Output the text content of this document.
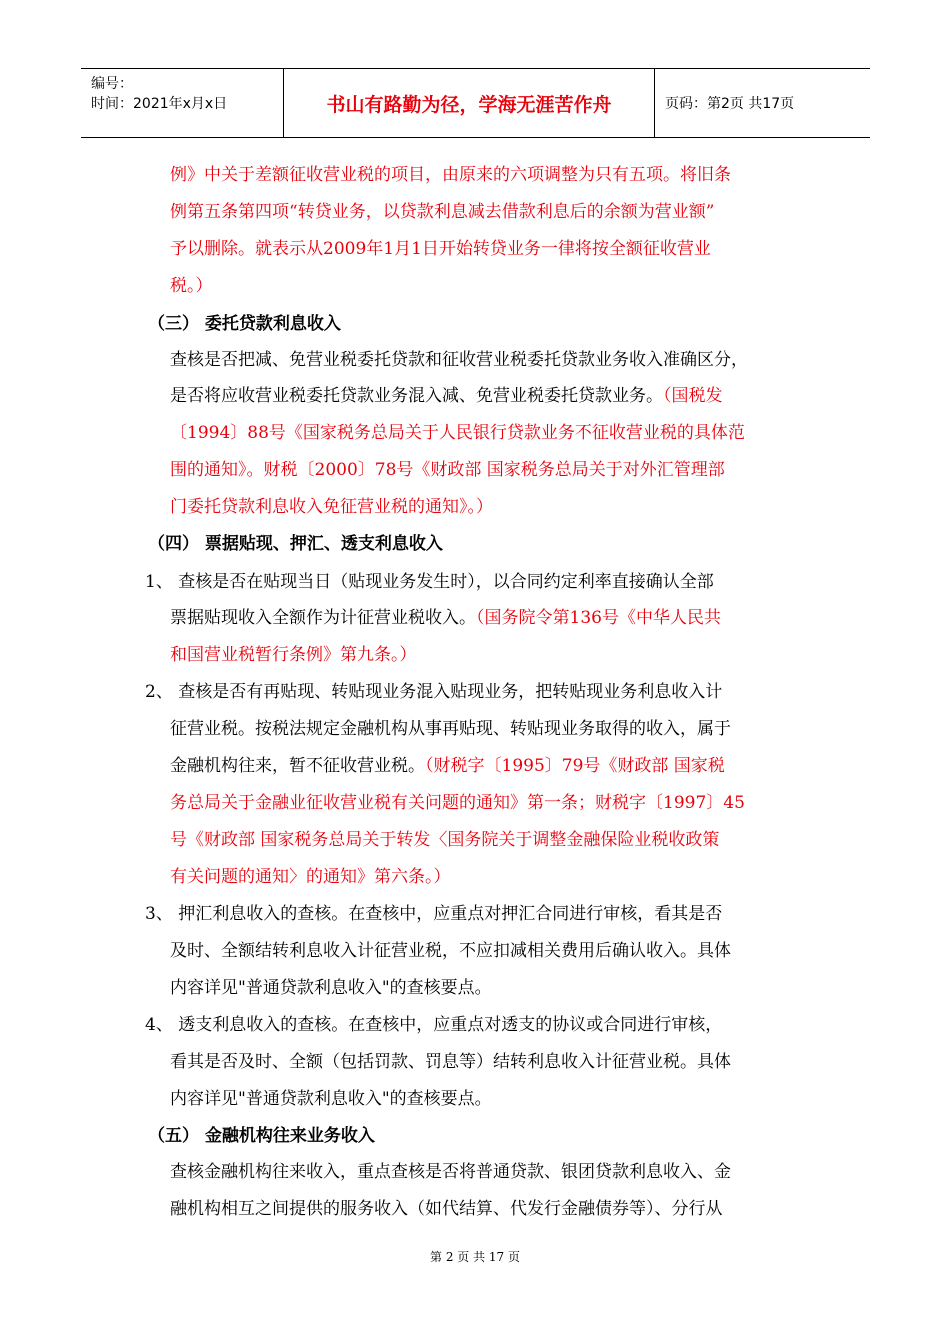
编号：
时间：2021年x月x日	书山有路勤为径，学海无涯苦作舟	页码：第2页 共17页
例》中关于差额征收营业税的项目，由原来的六项调整为只有五项。将旧条
例第五条第四项“转贷业务，以贷款利息减去借款利息后的余额为营业额”
予以删除。就表示从2009年1月1日开始转贷业务一律将按全额征收营业
税。）
（三） 委托贷款利息收入
查核是否把减、免营业税委托贷款和征收营业税委托贷款业务收入准确区分，
是否将应收营业税委托贷款业务混入减、免营业税委托贷款业务。（国税发
〔1994〕88号《国家税务总局关于人民银行贷款业务不征收营业税的具体范
围的通知》。财税〔2000〕78号《财政部 国家税务总局关于对外汇管理部
门委托贷款利息收入免征营业税的通知》。）
（四） 票据贴现、押汇、透支利息收入
1、 查核是否在贴现当日（贴现业务发生时），以合同约定利率直接确认全部
票据贴现收入全额作为计征营业税收入。（国务院令第136号《中华人民共
和国营业税暂行条例》第九条。）
2、 查核是否有再贴现、转贴现业务混入贴现业务，把转贴现业务利息收入计
征营业税。按税法规定金融机构从事再贴现、转贴现业务取得的收入，属于
金融机构往来，暂不征收营业税。（财税字〔1995〕79号《财政部 国家税
务总局关于金融业征收营业税有关问题的通知》第一条；财税字〔1997〕45
号《财政部 国家税务总局关于转发〈国务院关于调整金融保险业税收政策
有关问题的通知〉的通知》第六条。）
3、 押汇利息收入的查核。在查核中，应重点对押汇合同进行审核，看其是否
及时、全额结转利息收入计征营业税，不应扣减相关费用后确认收入。具体
内容详见"普通贷款利息收入"的查核要点。
4、 透支利息收入的查核。在查核中，应重点对透支的协议或合同进行审核，
看其是否及时、全额（包括罚款、罚息等）结转利息收入计征营业税。具体
内容详见"普通贷款利息收入"的查核要点。
（五） 金融机构往来业务收入
查核金融机构往来收入，重点查核是否将普通贷款、银团贷款利息收入、金
融机构相互之间提供的服务收入（如代结算、代发行金融债券等）、分行从
第 2 页 共 17 页
